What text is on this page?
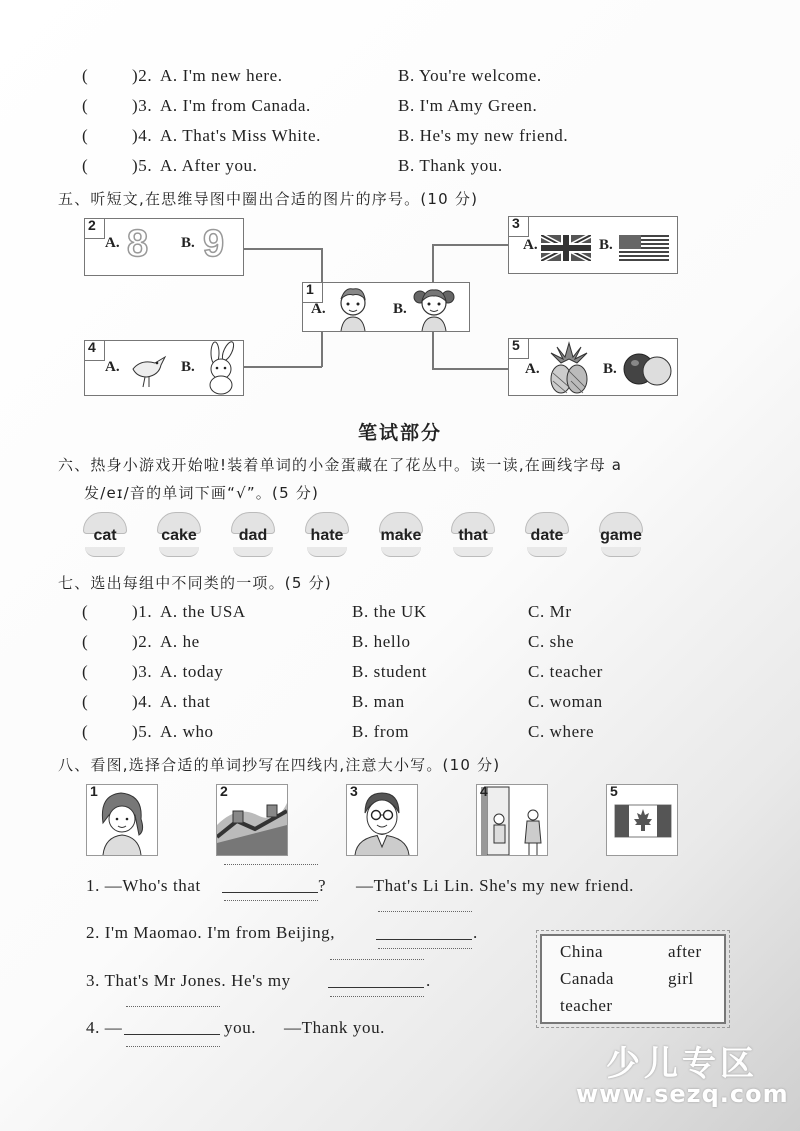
(	)2. A. I'm new here.	B. You're welcome.
(	)3. A. I'm from Canada.	B. I'm Amy Green.
(	)4. A. That's Miss White.	B. He's my new friend.
(	)5. A. After you.	B. Thank you.
五、听短文,在思维导图中圈出合适的图片的序号。(10 分)
2
A. 8 B. 9	3
A.	B.
1
A.	B.
4
A.	B.
5
A.	B.
笔试部分
六、热身小游戏开始啦!装着单词的小金蛋藏在了花丛中。读一读,在画线字母 a
发/eɪ/音的单词下画“√”。(5 分)
cat	cake	dad	hate	make	that	date	game
七、选出每组中不同类的一项。(5 分)
(	)1. A. the USA	B. the UK	C. Mr
(	)2. A. he	B. hello	C. she
(	)3. A. today	B. student	C. teacher
(	)4. A. that	B. man	C. woman
(	)5. A. who	B. from	C. where
八、看图,选择合适的单词抄写在四线内,注意大小写。(10 分)
1	2	3	4	5
1. —Who's that	? —That's Li Lin. She's my new friend.
2. I'm Maomao. I'm from Beijing,	.
3. That's Mr Jones. He's my	.
4. —	you. —Thank you.
China	after
Canada	girl
teacher
少儿专区
www.sezq.com
